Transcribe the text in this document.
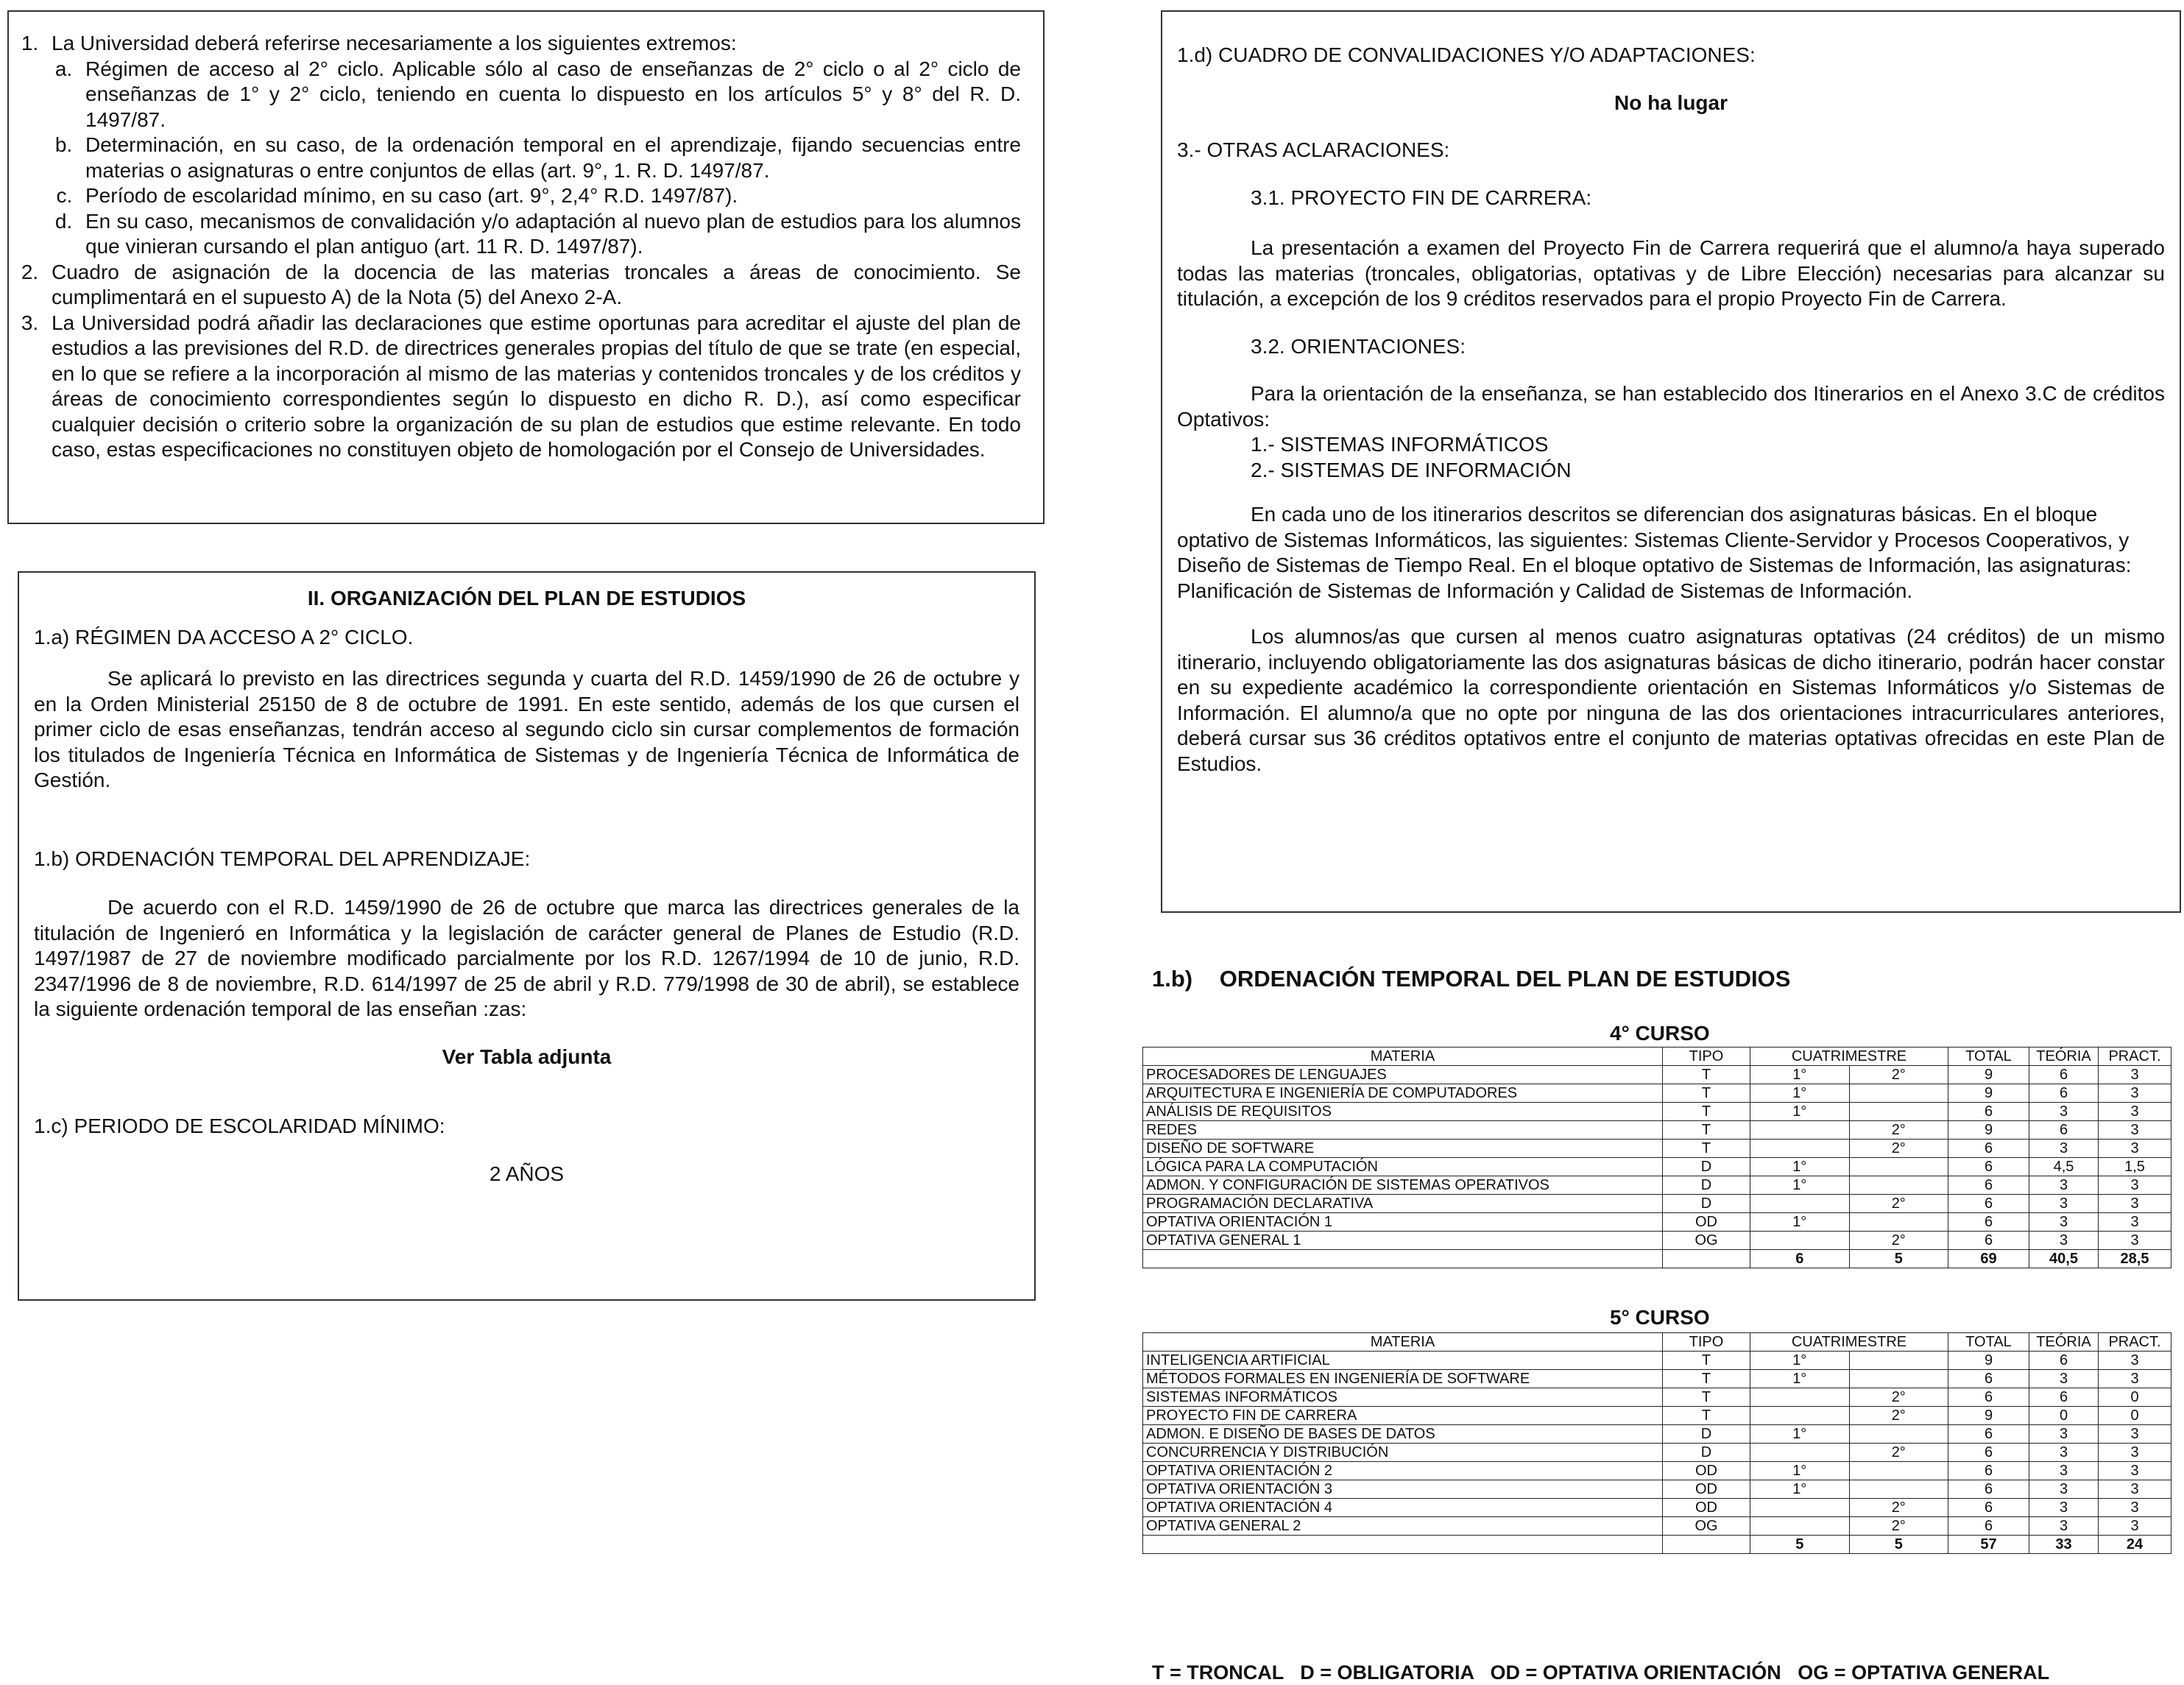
1. La Universidad deberá referirse necesariamente a los siguientes extremos:
a. Régimen de acceso al 2° ciclo. Aplicable sólo al caso de enseñanzas de 2° ciclo o al 2° ciclo de enseñanzas de 1° y 2° ciclo, teniendo en cuenta lo dispuesto en los artículos 5° y 8° del R. D. 1497/87.
b. Determinación, en su caso, de la ordenación temporal en el aprendizaje, fijando secuencias entre materias o asignaturas o entre conjuntos de ellas (art. 9°, 1. R. D. 1497/87.
c. Período de escolaridad mínimo, en su caso (art. 9°, 2,4° R.D. 1497/87).
d. En su caso, mecanismos de convalidación y/o adaptación al nuevo plan de estudios para los alumnos que vinieran cursando el plan antiguo (art. 11 R. D. 1497/87).
2. Cuadro de asignación de la docencia de las materias troncales a áreas de conocimiento. Se cumplimentará en el supuesto A) de la Nota (5) del Anexo 2-A.
3. La Universidad podrá añadir las declaraciones que estime oportunas para acreditar el ajuste del plan de estudios a las previsiones del R.D. de directrices generales propias del título de que se trate (en especial, en lo que se refiere a la incorporación al mismo de las materias y contenidos troncales y de los créditos y áreas de conocimiento correspondientes según lo dispuesto en dicho R. D.), así como especificar cualquier decisión o criterio sobre la organización de su plan de estudios que estime relevante. En todo caso, estas especificaciones no constituyen objeto de homologación por el Consejo de Universidades.

II. ORGANIZACIÓN DEL PLAN DE ESTUDIOS

1.a) RÉGIMEN DA ACCESO A 2° CICLO.

Se aplicará lo previsto en las directrices segunda y cuarta del R.D. 1459/1990 de 26 de octubre y en la Orden Ministerial 25150 de 8 de octubre de 1991. En este sentido, además de los que cursen el primer ciclo de esas enseñanzas, tendrán acceso al segundo ciclo sin cursar complementos de formación los titulados de Ingeniería Técnica en Informática de Sistemas y de Ingeniería Técnica de Informática de Gestión.

1.b) ORDENACIÓN TEMPORAL DEL APRENDIZAJE:

De acuerdo con el R.D. 1459/1990 de 26 de octubre que marca las directrices generales de la titulación de Ingenieró en Informática y la legislación de carácter general de Planes de Estudio (R.D. 1497/1987 de 27 de noviembre modificado parcialmente por los R.D. 1267/1994 de 10 de junio, R.D. 2347/1996 de 8 de noviembre, R.D. 614/1997 de 25 de abril y R.D. 779/1998 de 30 de abril), se establece la siguiente ordenación temporal de las enseñan :zas:

Ver Tabla adjunta

1.c) PERIODO DE ESCOLARIDAD MÍNIMO:

2 AÑOS

1.d) CUADRO DE CONVALIDACIONES Y/O ADAPTACIONES:

No ha lugar

3.- OTRAS ACLARACIONES:

3.1. PROYECTO FIN DE CARRERA:

La presentación a examen del Proyecto Fin de Carrera requerirá que el alumno/a haya superado todas las materias (troncales, obligatorias, optativas y de Libre Elección) necesarias para alcanzar su titulación, a excepción de los 9 créditos reservados para el propio Proyecto Fin de Carrera.

3.2. ORIENTACIONES:

Para la orientación de la enseñanza, se han establecido dos Itinerarios en el Anexo 3.C de créditos Optativos:

1.- SISTEMAS INFORMÁTICOS

2.- SISTEMAS DE INFORMACIÓN

En cada uno de los itinerarios descritos se diferencian dos asignaturas básicas. En el bloque optativo de Sistemas Informáticos, las siguientes: Sistemas Cliente-Servidor y Procesos Cooperativos, y Diseño de Sistemas de Tiempo Real. En el bloque optativo de Sistemas de Información, las asignaturas: Planificación de Sistemas de Información y Calidad de Sistemas de Información.

Los alumnos/as que cursen al menos cuatro asignaturas optativas (24 créditos) de un mismo itinerario, incluyendo obligatoriamente las dos asignaturas básicas de dicho itinerario, podrán hacer constar en su expediente académico la correspondiente orientación en Sistemas Informáticos y/o Sistemas de Información. El alumno/a que no opte por ninguna de las dos orientaciones intracurriculares anteriores, deberá cursar sus 36 créditos optativos entre el conjunto de materias optativas ofrecidas en este Plan de Estudios.

1.b) ORDENACIÓN TEMPORAL DEL PLAN DE ESTUDIOS
4° CURSO
MATERIA	TIPO	CUATRIMESTRE		TOTAL	TEÓRIA	PRACT.
PROCESADORES DE LENGUAJES	T	1°	2°	9	6	3
ARQUITECTURA E INGENIERÍA DE COMPUTADORES	T	1°		9	6	3
ANÁLISIS DE REQUISITOS	T	1°		6	3	3
REDES	T		2°	9	6	3
DISEÑO DE SOFTWARE	T		2°	6	3	3
LÓGICA PARA LA COMPUTACIÓN	D	1°		6	4,5	1,5
ADMON. Y CONFIGURACIÓN DE SISTEMAS OPERATIVOS	D	1°		6	3	3
PROGRAMACIÓN DECLARATIVA	D		2°	6	3	3
OPTATIVA ORIENTACIÓN 1	OD	1°		6	3	3
OPTATIVA GENERAL 1	OG		2°	6	3	3
		6	5	69	40,5	28,5
5° CURSO
MATERIA	TIPO	CUATRIMESTRE		TOTAL	TEÓRIA	PRACT.
INTELIGENCIA ARTIFICIAL	T	1°		9	6	3
MÉTODOS FORMALES EN INGENIERÍA DE SOFTWARE	T	1°		6	3	3
SISTEMAS INFORMÁTICOS	T		2°	6	6	0
PROYECTO FIN DE CARRERA	T		2°	9	0	0
ADMON. E DISEÑO DE BASES DE DATOS	D	1°		6	3	3
CONCURRENCIA Y DISTRIBUCIÓN	D		2°	6	3	3
OPTATIVA ORIENTACIÓN 2	OD	1°		6	3	3
OPTATIVA ORIENTACIÓN 3	OD	1°		6	3	3
OPTATIVA ORIENTACIÓN 4	OD		2°	6	3	3
OPTATIVA GENERAL 2	OG		2°	6	3	3
		5	5	57	33	24
T = TRONCAL   D = OBLIGATORIA   OD = OPTATIVA ORIENTACIÓN   OG = OPTATIVA GENERAL
